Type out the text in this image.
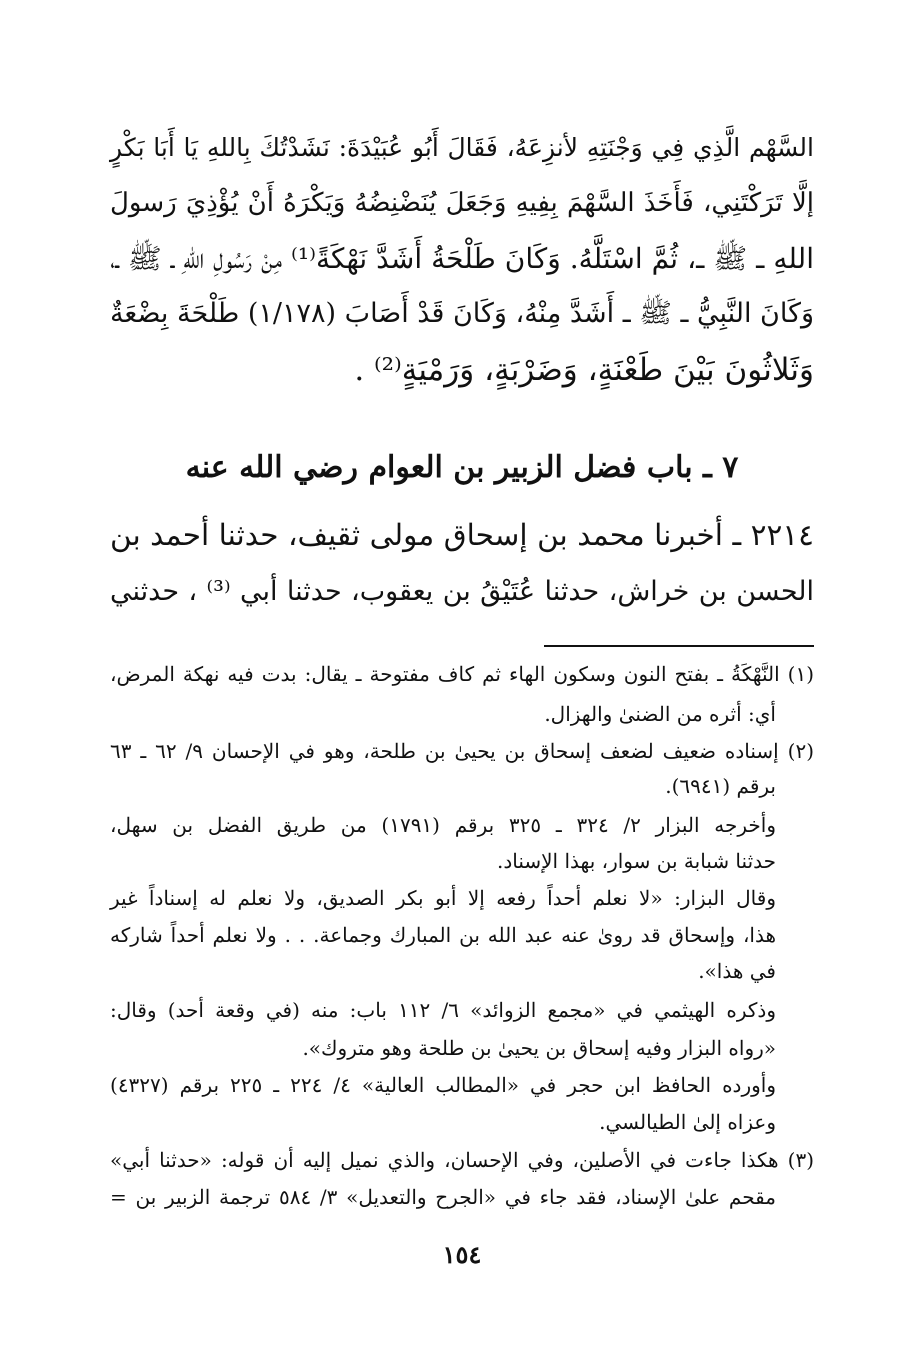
السَّهْم الَّذِي فِي وَجْنَتِهِ لأنزِعَهُ، فَقَالَ أَبُو عُبَيْدَةَ: نَشَدْتُكَ بِاللهِ يَا أَبَا بَكْرٍ
إلَّا تَرَكْتَنِي، فَأَخَذَ السَّهْمَ بِفِيهِ وَجَعَلَ يُنَضْنِضُهُ وَيَكْرَهُ أَنْ يُؤْذِيَ رَسولَ
اللهِ ـ ﷺ ـ، ثُمَّ اسْتَلَّهُ. وَكَانَ طَلْحَةُ أَشَدَّ نَهْكَةً⁽¹⁾ مِنْ رَسُولِ اللهِ ـ ﷺ ـ،
وَكَانَ النَّبِيُّ ـ ﷺ ـ أَشَدَّ مِنْهُ، وَكَانَ قَدْ أَصَابَ (١/١٧٨) طَلْحَةَ بِضْعَةٌ
وَثَلاثُونَ بَيْنَ طَعْنَةٍ، وَضَرْبَةٍ، وَرَمْيَةٍ⁽²⁾ .
٧ ـ باب فضل الزبير بن العوام رضي الله عنه
٢٢١٤ ـ أخبرنا محمد بن إسحاق مولى ثقيف، حدثنا أحمد بن
الحسن بن خراش، حدثنا عُتَيْقُ بن يعقوب، حدثنا أبي ⁽³⁾ ، حدثني
(١) النَّهْكَةُ ـ بفتح النون وسكون الهاء ثم كاف مفتوحة ـ يقال: بدت فيه نهكة المرض،
أي: أثره من الضنىٰ والهزال.
(٢) إسناده ضعيف لضعف إسحاق بن يحيىٰ بن طلحة، وهو في الإحسان ٩/ ٦٢ ـ ٦٣
برقم (٦٩٤١).
وأخرجه البزار ٢/ ٣٢٤ ـ ٣٢٥ برقم (١٧٩١) من طريق الفضل بن سهل،
حدثنا شبابة بن سوار، بهذا الإسناد.
وقال البزار: «لا نعلم أحداً رفعه إلا أبو بكر الصديق، ولا نعلم له إسناداً غير
هذا، وإسحاق قد روىٰ عنه عبد الله بن المبارك وجماعة. . . ولا نعلم أحداً شاركه
في هذا».
وذكره الهيثمي في «مجمع الزوائد» ٦/ ١١٢ باب: منه (في وقعة أحد) وقال:
«رواه البزار وفيه إسحاق بن يحيىٰ بن طلحة وهو متروك».
وأورده الحافظ ابن حجر في «المطالب العالية» ٤/ ٢٢٤ ـ ٢٢٥ برقم (٤٣٢٧)
وعزاه إلىٰ الطيالسي.
(٣) هكذا جاءت في الأصلين، وفي الإحسان، والذي نميل إليه أن قوله: «حدثنا أبي»
مقحم علىٰ الإسناد، فقد جاء في «الجرح والتعديل» ٣/ ٥٨٤ ترجمة الزبير بن =
١٥٤
